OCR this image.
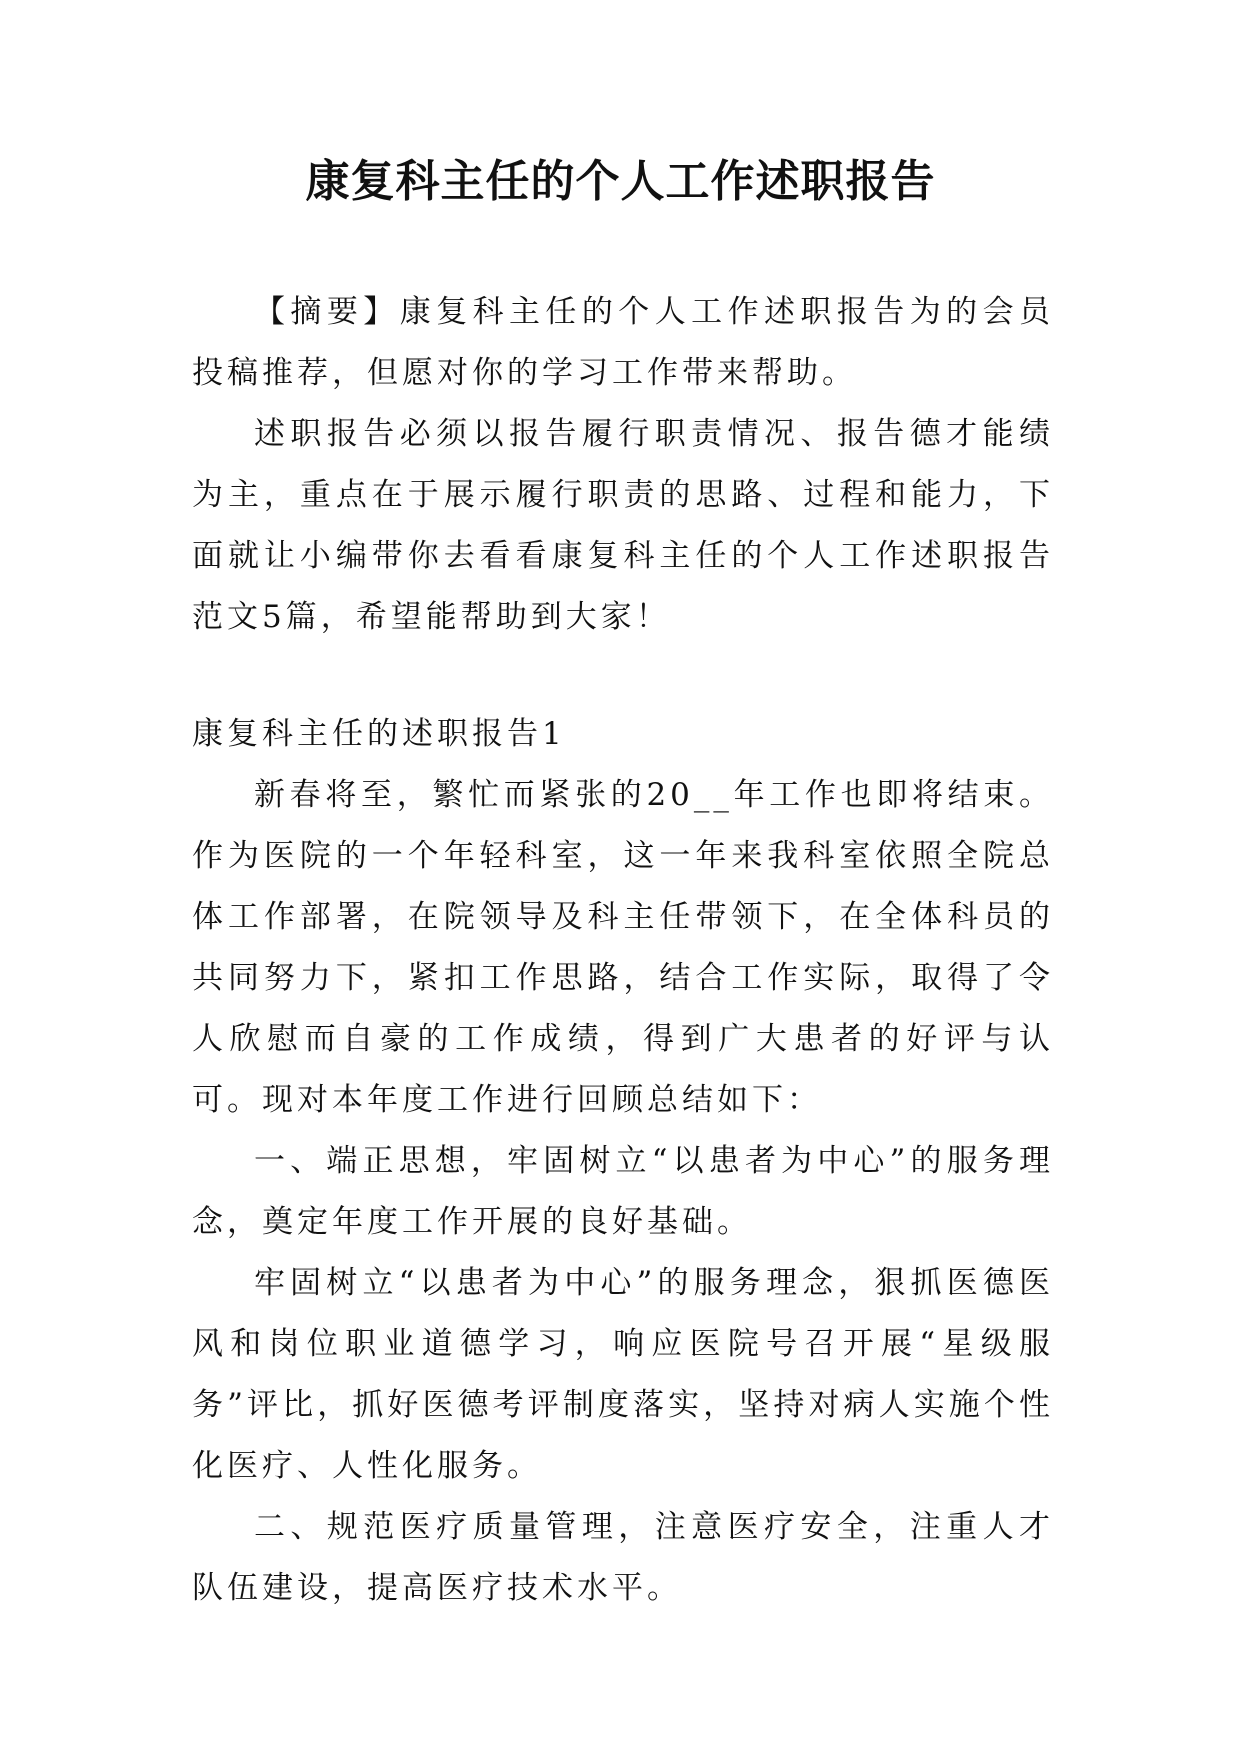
康复科主任的个人工作述职报告

【摘要】康复科主任的个人工作述职报告为的会员投稿推荐，但愿对你的学习工作带来帮助。

述职报告必须以报告履行职责情况、报告德才能绩为主，重点在于展示履行职责的思路、过程和能力，下面就让小编带你去看看康复科主任的个人工作述职报告范文5篇，希望能帮助到大家！

康复科主任的述职报告1

新春将至，繁忙而紧张的20__年工作也即将结束。作为医院的一个年轻科室，这一年来我科室依照全院总体工作部署，在院领导及科主任带领下，在全体科员的共同努力下，紧扣工作思路，结合工作实际，取得了令人欣慰而自豪的工作成绩，得到广大患者的好评与认可。现对本年度工作进行回顾总结如下：

一、端正思想，牢固树立“以患者为中心”的服务理念，奠定年度工作开展的良好基础。

牢固树立“以患者为中心”的服务理念，狠抓医德医风和岗位职业道德学习，响应医院号召开展“星级服务”评比，抓好医德考评制度落实，坚持对病人实施个性化医疗、人性化服务。

二、规范医疗质量管理，注意医疗安全，注重人才队伍建设，提高医疗技术水平。
